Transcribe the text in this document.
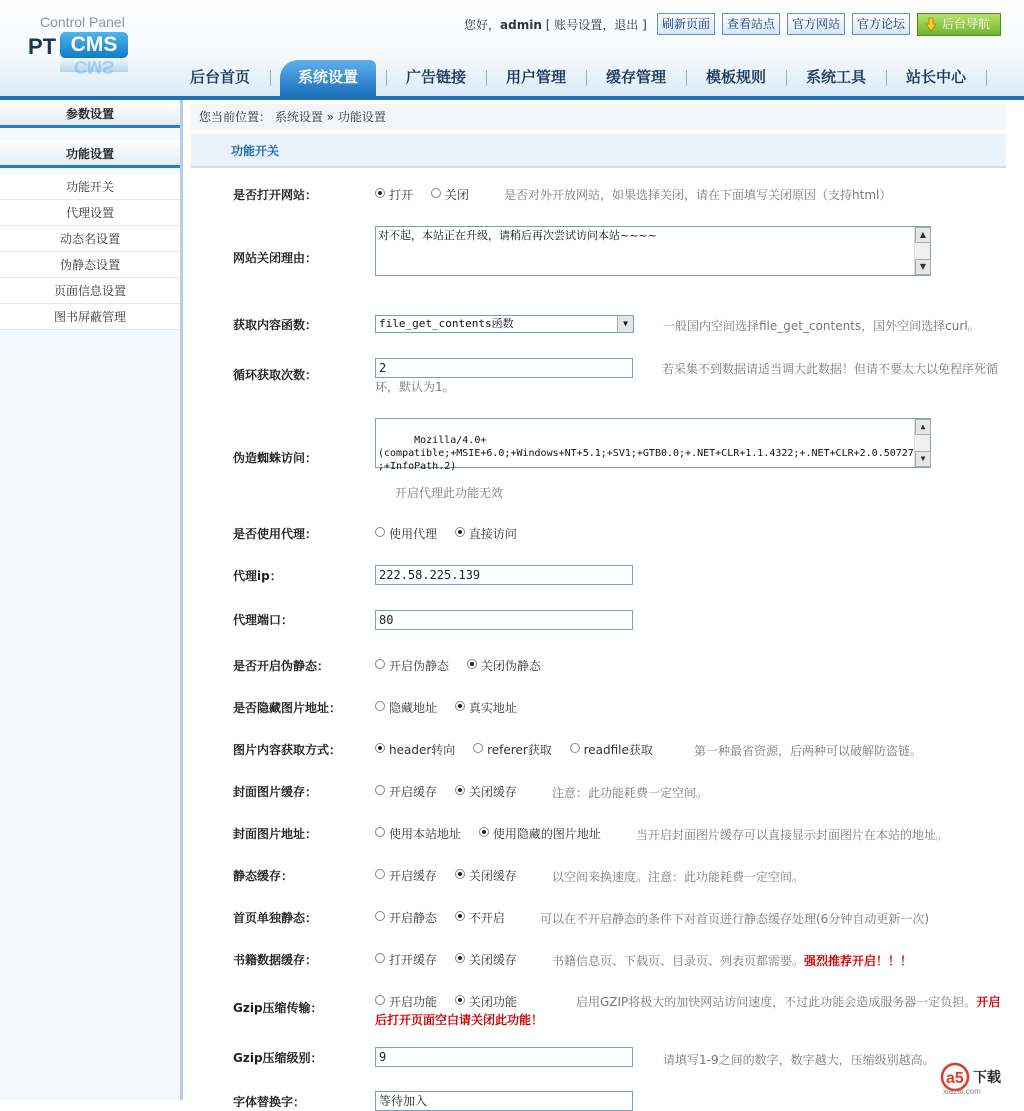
Control Panel
PT CMS
CMS
您好，admin [ 账号设置，退出 ]	刷新页面	查看站点	官方网站	官方论坛	后台导航
后台首页	系统设置	广告链接	用户管理	缓存管理	模板规则	系统工具	站长中心
参数设置
功能设置
功能开关
代理设置
动态名设置
伪静态设置
页面信息设置
图书屏蔽管理
您当前位置： 系统设置 » 功能设置
功能开关
是否打开网站：	打开	关闭	是否对外开放网站，如果选择关闭，请在下面填写关闭原因（支持html）
网站关闭理由：
对不起，本站正在升级，请稍后再次尝试访问本站~~~~	▲
▼
获取内容函数：	file_get_contents函数	▼	一般国内空间选择file_get_contents，国外空间选择curl。
循环获取次数：	2	若采集不到数据请适当调大此数据！但请不要太大以免程序死循环，默认为1。
伪造蜘蛛访问：

Mozilla/4.0+
(compatible;+MSIE+6.0;+Windows+NT+5.1;+SV1;+GTB0.0;+.NET+CLR+1.1.4322;+.NET+CLR+2.0.50727
;+InfoPath.2)

▲
▼

开启代理此功能无效
是否使用代理：	使用代理	直接访问
代理ip：	222.58.225.139
代理端口：	80
是否开启伪静态：	开启伪静态	关闭伪静态
是否隐藏图片地址：	隐藏地址	真实地址
图片内容获取方式：	header转向	referer获取	readfile获取	第一种最省资源，后两种可以破解防盗链。
封面图片缓存：	开启缓存	关闭缓存	注意：此功能耗费一定空间。
封面图片地址：	使用本站地址	使用隐藏的图片地址	当开启封面图片缓存可以直接显示封面图片在本站的地址。
静态缓存：	开启缓存	关闭缓存	以空间来换速度。注意：此功能耗费一定空间。
首页单独静态：	开启静态	不开启	可以在不开启静态的条件下对首页进行静态缓存处理(6分钟自动更新一次)
书籍数据缓存：	打开缓存	关闭缓存	书籍信息页、下载页、目录页、列表页都需要。强烈推荐开启！！！
Gzip压缩传输：	开启功能	关闭功能	启用GZIP将极大的加快网站访问速度，不过此功能会造成服务器一定负担。开启后打开页面空白请关闭此功能！
Gzip压缩级别：	9	请填写1-9之间的数字，数字越大，压缩级别越高。
字体替换字：	等待加入
a5 下载
xiazai.com
